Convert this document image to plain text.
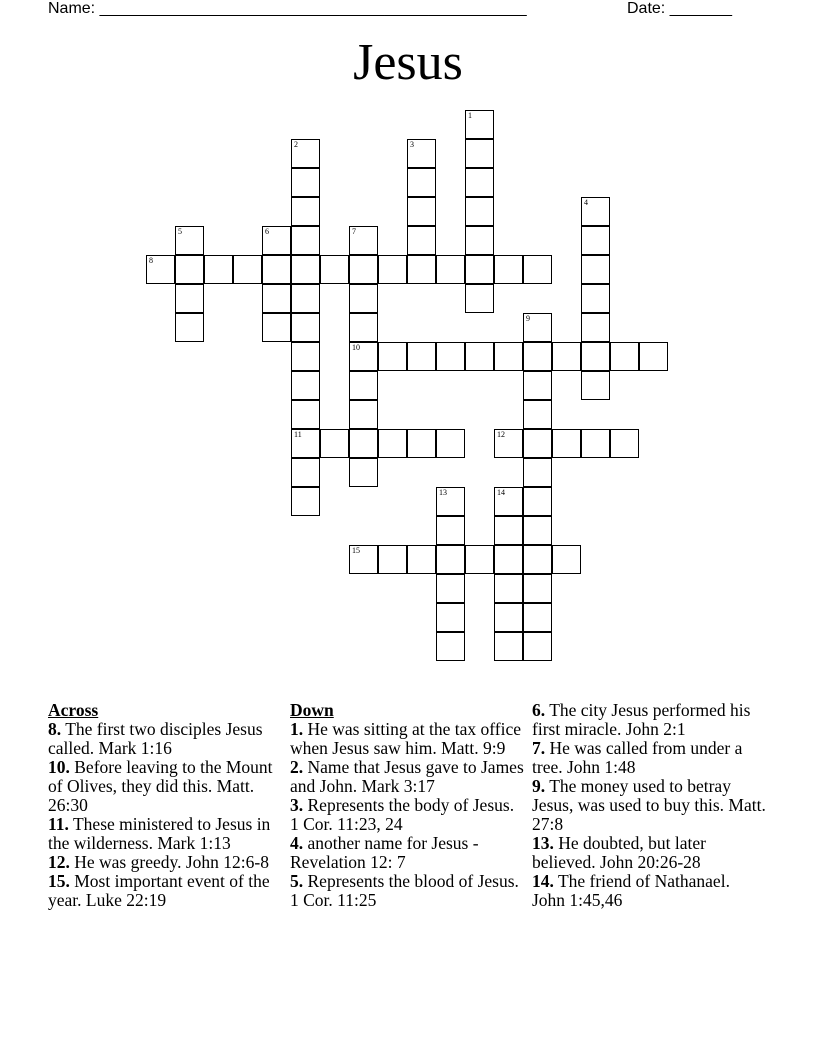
Name: ________________________________________________	Date: _______
Jesus
1
2
11
3
4
5	6	7
10
8
9
12
13	14
15
Across
8. The first two disciples Jesus called. Mark 1:16
10. Before leaving to the Mount of Olives, they did this. Matt. 26:30
11. These ministered to Jesus in the wilderness. Mark 1:13
12. He was greedy. John 12:6-8
15. Most important event of the year. Luke 22:19
Down
1. He was sitting at the tax office when Jesus saw him. Matt. 9:9
2. Name that Jesus gave to James and John. Mark 3:17
3. Represents the body of Jesus. 1 Cor. 11:23, 24
4. another name for Jesus - Revelation 12: 7
5. Represents the blood of Jesus. 1 Cor. 11:25
6. The city Jesus performed his first miracle. John 2:1
7. He was called from under a tree. John 1:48
9. The money used to betray Jesus, was used to buy this. Matt. 27:8
13. He doubted, but later believed. John 20:26-28
14. The friend of Nathanael. John 1:45,46
